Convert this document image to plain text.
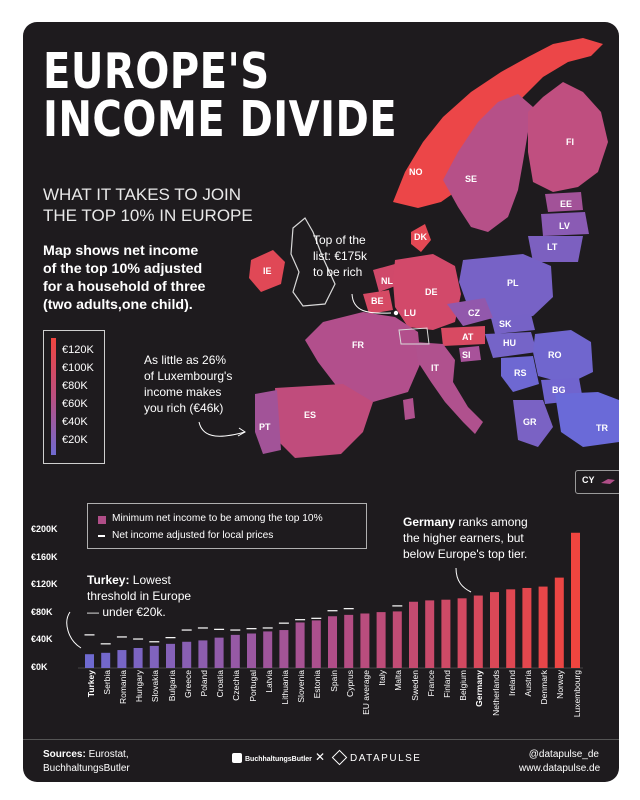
EUROPE'S
INCOME DIVIDE
WHAT IT TAKES TO JOIN
THE TOP 10% IN EUROPE
Map shows net income
of the top 10% adjusted
for a household of three
(two adults,one child).
€120K
€100K
€80K
€60K
€40K
€20K
NO
SE
FI
EE
LV
LT
DK
IE
NL
BE
LU
DE
PL
CZ
SK
HU
AT
SI	RO
RS
BG
IT
FR
ES
PT	GR
TR
Top of the
list: €175k
to be rich
As little as 26%
of Luxembourg's
income makes
you rich (€46k)
CY
Minimum net income to be among the top 10%
Net income adjusted for local prices
Germany ranks among
the higher earners, but
below Europe's top tier.
Turkey: Lowest
threshold in Europe
— under €20k.
€200K
€160K
€120K
€80K
€40K
€0K
Turkey Serbia Romania Hungary Slovakia Bulgaria Greece Poland Croatia Czechia Portugal Latvia Lithuania Slovenia Estonia Spain Cyprus EU average Italy Malta Sweden France Finland Belgium Germany Netherlands Ireland Austria Denmark Norway Luxembourg
Sources: Eurostat,
BuchhaltungsButler
BuchhaltungsButler ✕ DATAPULSE	@datapulse_de
www.datapulse.de
